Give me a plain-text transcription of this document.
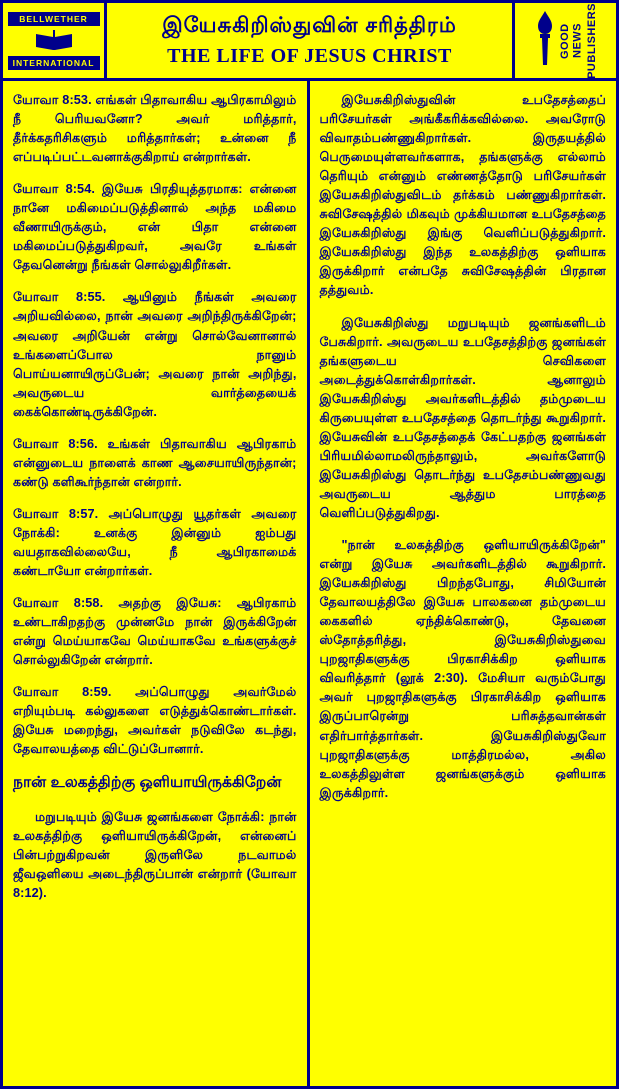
BELLWETHER
INTERNATIONAL
இயேசுகிறிஸ்துவின் சரித்திரம்
THE LIFE OF JESUS CHRIST	GOOD NEWS PUBLISHERS

யோவா 8:53. எங்கள் பிதாவாகிய ஆபிரகாமிலும் நீ பெரியவனோ? அவர் மரித்தார், தீர்க்கதரிசிகளும் மரித்தார்கள்; உன்னை நீ எப்படிப்பட்டவனாக்குகிறாய் என்றார்கள்.

யோவா 8:54. இயேசு பிரதியுத்தரமாக: என்னை நானே மகிமைப்படுத்தினால் அந்த மகிமை வீணாயிருக்கும், என் பிதா என்னை மகிமைப்படுத்துகிறவர், அவரே உங்கள் தேவனென்று நீங்கள் சொல்லுகிறீர்கள்.

யோவா 8:55. ஆயினும் நீங்கள் அவரை அறியவில்லை, நான் அவரை அறிந்திருக்கிறேன்; அவரை அறியேன் என்று சொல்வேனானால் உங்களைப்போல நானும் பொய்யனாயிருப்பேன்; அவரை நான் அறிந்து, அவருடைய வார்த்தையைக் கைக்கொண்டிருக்கிறேன்.

யோவா 8:56. உங்கள் பிதாவாகிய ஆபிரகாம் என்னுடைய நாளைக் காண ஆசையாயிருந்தான்; கண்டு களிகூர்ந்தான் என்றார்.

யோவா 8:57. அப்பொழுது யூதர்கள் அவரை நோக்கி: உனக்கு இன்னும் ஐம்பது வயதாகவில்லையே, நீ ஆபிரகாமைக் கண்டாயோ என்றார்கள்.

யோவா 8:58. அதற்கு இயேசு: ஆபிரகாம் உண்டாகிறதற்கு முன்னமே நான் இருக்கிறேன் என்று மெய்யாகவே மெய்யாகவே உங்களுக்குச் சொல்லுகிறேன் என்றார்.

யோவா 8:59. அப்பொழுது அவர்மேல் எறியும்படி கல்லுகளை எடுத்துக்கொண்டார்கள். இயேசு மறைந்து, அவர்கள் நடுவிலே கடந்து, தேவாலயத்தை விட்டுப்போனார்.

நான் உலகத்திற்கு ஒளியாயிருக்கிறேன்

மறுபடியும் இயேசு ஜனங்களை நோக்கி: நான் உலகத்திற்கு ஒளியாயிருக்கிறேன், என்னைப் பின்பற்றுகிறவன் இருளிலே நடவாமல் ஜீவஒளியை அடைந்திருப்பான் என்றார் (யோவா 8:12).

இயேசுகிறிஸ்துவின் உபதேசத்தைப் பரிசேயர்கள் அங்கீகரிக்கவில்லை. அவரோடு விவாதம்பண்ணுகிறார்கள். இருதயத்தில் பெருமையுள்ளவர்களாக, தங்களுக்கு எல்லாம் தெரியும் என்னும் எண்ணத்தோடு பரிசேயர்கள் இயேசுகிறிஸ்துவிடம் தர்க்கம் பண்ணுகிறார்கள். சுவிசேஷத்தில் மிகவும் முக்கியமான உபதேசத்தை இயேசுகிறிஸ்து இங்கு வெளிப்படுத்துகிறார். இயேசுகிறிஸ்து இந்த உலகத்திற்கு ஒளியாக இருக்கிறார் என்பதே சுவிசேஷத்தின் பிரதான தத்துவம்.

இயேசுகிறிஸ்து மறுபடியும் ஜனங்களிடம் பேசுகிறார். அவருடைய உபதேசத்திற்கு ஜனங்கள் தங்களுடைய செவிகளை அடைத்துக்கொள்கிறார்கள். ஆனாலும் இயேசுகிறிஸ்து அவர்களிடத்தில் தம்முடைய கிருபையுள்ள உபதேசத்தை தொடர்ந்து கூறுகிறார். இயேசுவின் உபதேசத்தைக் கேட்பதற்கு ஜனங்கள் பிரியமில்லாமலிருந்தாலும், அவர்களோடு இயேசுகிறிஸ்து தொடர்ந்து உபதேசம்பண்ணுவது அவருடைய ஆத்தும பாரத்தை வெளிப்படுத்துகிறது.

"நான் உலகத்திற்கு ஒளியாயிருக்கிறேன்" என்று இயேசு அவர்களிடத்தில் கூறுகிறார். இயேசுகிறிஸ்து பிறந்தபோது, சிமியோன் தேவாலயத்திலே இயேசு பாலகனை தம்முடைய கைகளில் ஏந்திக்கொண்டு, தேவனை ஸ்தோத்தரித்து, இயேசுகிறிஸ்துவை புறஜாதிகளுக்கு பிரகாசிக்கிற ஒளியாக விவரித்தார் (லூக் 2:30). மேசியா வரும்போது அவர் புறஜாதிகளுக்கு பிரகாசிக்கிற ஒளியாக இருப்பாரென்று பரிசுத்தவான்கள் எதிர்பார்த்தார்கள். இயேசுகிறிஸ்துவோ புறஜாதிகளுக்கு மாத்திரமல்ல, அகில உலகத்திலுள்ள ஜனங்களுக்கும் ஒளியாக இருக்கிறார்.
